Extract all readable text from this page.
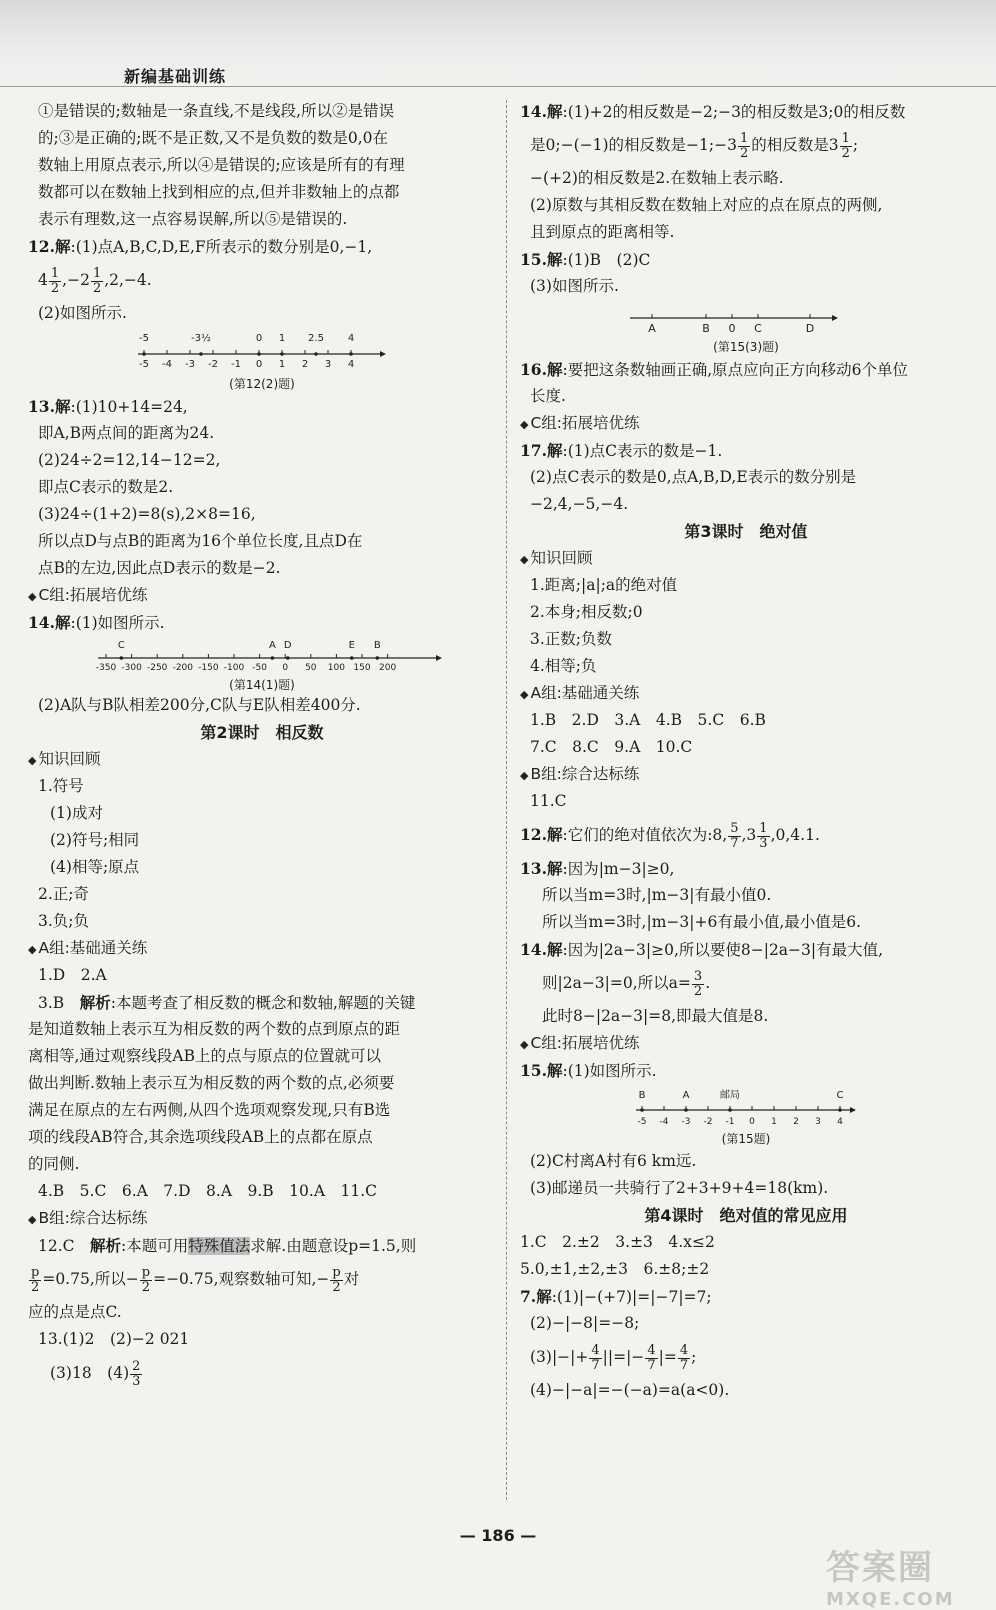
新编基础训练
①是错误的;数轴是一条直线,不是线段,所以②是错误
的;③是正确的;既不是正数,又不是负数的数是0,0在
数轴上用原点表示,所以④是错误的;应该是所有的有理
数都可以在数轴上找到相应的点,但并非数轴上的点都
表示有理数,这一点容易误解,所以⑤是错误的.
12.解:(1)点A,B,C,D,E,F所表示的数分别是0,−1,
$4 \frac{1}{2} ,-2 \frac{1}{2} ,2,-4$.
(2)如图所示.
-5 -4 -3 -2 -1 0 1 2 3 4
-5	-3½	0 1 2.5 4
(第12(2)题)
13.解:(1)10+14=24,
即A,B两点间的距离为24.
(2)24÷2=12,14−12=2,
即点C表示的数是2.
(3)24÷(1+2)=8(s),2×8=16,
所以点D与点B的距离为16个单位长度,且点D在
点B的左边,因此点D表示的数是−2.
◆ C组:拓展培优练
14.解:(1)如图所示.
-350 -300 -250 -200 -150 -100 -50 0 50 100 150 200
C	A D	E B
(第14(1)题)
(2)A队与B队相差200分,C队与E队相差400分.
第2课时　相反数
◆ 知识回顾
1.符号
(1)成对
(2)符号;相同
(4)相等;原点
2.正;奇
3.负;负
◆ A组:基础通关练
1.D　2.A
3.B　 解析:本题考查了相反数的概念和数轴,解题的关键
是知道数轴上表示互为相反数的两个数的点到原点的距
离相等,通过观察线段AB上的点与原点的位置就可以
做出判断.数轴上表示互为相反数的两个数的点,必须要
满足在原点的左右两侧,从四个选项观察发现,只有B选
项的线段AB符合,其余选项线段AB上的点都在原点
的同侧.
4.B　5.C　6.A　7.D　8.A　9.B　10.A　11.C
◆ B组:综合达标练
12.C　 解析:本题可用特殊值法求解.由题意设p=1.5,则
$\frac{p}{2} =0.75$,所以− $\frac{p}{2} =-0.75$,观察数轴可知,− $\frac{p}{2}$ 对
应的点是点C.
13.(1)2　(2)−2 021
(3)18　$(4) \frac{2}{3}$
14.解:(1)+2的相反数是−2;−3的相反数是3;0的相反数
是0;−(−1)的相反数是−1;−3 $\frac{1}{2}$ 的相反数是$3 \frac{1}{2}$ ;
−(+2)的相反数是2.在数轴上表示略.
(2)原数与其相反数在数轴上对应的点在原点的两侧,
且到原点的距离相等.
15.解:(1)B　(2)C
(3)如图所示.
A	B 0 C	D
(第15(3)题)
16.解:要把这条数轴画正确,原点应向正方向移动6个单位
长度.
◆ C组:拓展培优练
17.解:(1)点C表示的数是−1.
(2)点C表示的数是0,点A,B,D,E表示的数分别是
−2,4,−5,−4.
第3课时　绝对值
◆ 知识回顾
1.距离;|a|;a的绝对值
2.本身;相反数;0
3.正数;负数
4.相等;负
◆ A组:基础通关练
1.B　2.D　3.A　4.B　5.C　6.B
7.C　8.C　9.A　10.C
◆ B组:综合达标练
11.C
12.解:它们的绝对值依次为:8, $\frac{5}{7} ,3 \frac{1}{3} ,0,4.1$.
13.解:因为|m−3|≥0,
所以当m=3时,|m−3|有最小值0.
所以当m=3时,|m−3|+6有最小值,最小值是6.
14.解:因为|2a−3|≥0,所以要使8−|2a−3|有最大值,
则|2a−3|=0,所以$a= \frac{3}{2}$ .
此时8−|2a−3|=8,即最大值是8.
◆ C组:拓展培优练
15.解:(1)如图所示.
-5 -4 -3 -2 -1 0 1 2 3 4
B	A	邮局	C
(第15题)
(2)C村离A村有6 km远.
(3)邮递员一共骑行了2+3+9+4=18(km).
第4课时　绝对值的常见应用
1.C　2.±2　3.±3　4.x≤2
5.0,±1,±2,±3　6.±8;±2
7.解:(1)|−(+7)|=|−7|=7;
(2)−|−8|=−8;
$(3)|-|+ \frac{4}{7}$ ||=|− $\frac{4}{7}$ |= $\frac{4}{7}$ ;
(4)−|−a|=−(−a)=a(a<0).
— 186 —
答案圈
MXQE.COM
